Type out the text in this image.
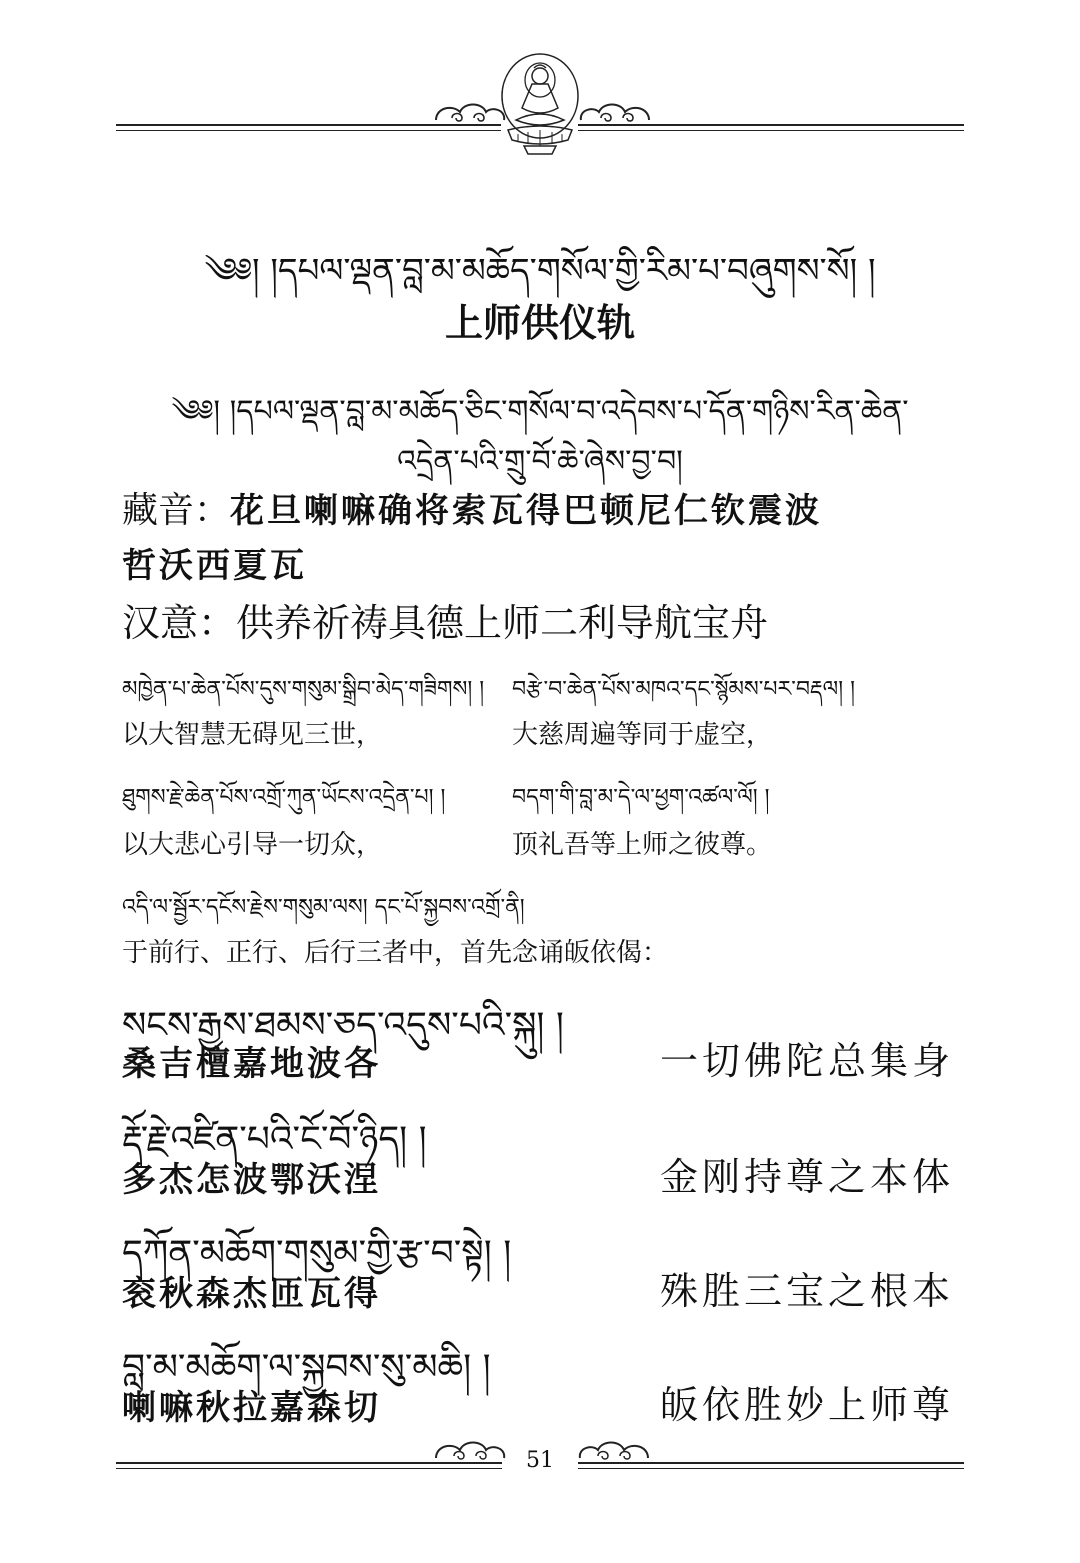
༄༅། །དཔལ་ལྡན་བླ་མ་མཆོད་གསོལ་གྱི་རིམ་པ་བཞུགས་སོ། །
上师供仪轨
༄༅། །དཔལ་ལྡན་བླ་མ་མཆོད་ཅིང་གསོལ་བ་འདེབས་པ་དོན་གཉིས་རིན་ཆེན་
འདྲེན་པའི་གྲུ་བོ་ཆེ་ཞེས་བྱ་བ།
藏音：花旦喇嘛确将索瓦得巴顿尼仁钦震波
哲沃西夏瓦
汉意：供养祈祷具德上师二利导航宝舟
མཁྱེན་པ་ཆེན་པོས་དུས་གསུམ་སྒྲིབ་མེད་གཟིགས། ། བརྩེ་བ་ཆེན་པོས་མཁའ་དང་སྙོམས་པར་བརྡལ། །
以大智慧无碍见三世，	大慈周遍等同于虚空，
ཐུགས་རྗེ་ཆེན་པོས་འགྲོ་ཀུན་ཡོངས་འདྲེན་པ། །	བདག་གི་བླ་མ་དེ་ལ་ཕྱག་འཚལ་ལོ། །
以大悲心引导一切众，	顶礼吾等上师之彼尊。
འདི་ལ་སྦྱོར་དངོས་རྗེས་གསུམ་ལས། དང་པོ་སྐྱབས་འགྲོ་ནི།
于前行、正行、后行三者中，首先念诵皈依偈：
སངས་རྒྱས་ཐམས་ཅད་འདུས་པའི་སྐུ། །
桑吉檀嘉地波各	一切佛陀总集身
རྡོ་རྗེ་འཛིན་པའི་ངོ་བོ་ཉིད། །
多杰怎波鄂沃涅	金刚持尊之本体
དཀོན་མཆོག་གསུམ་གྱི་རྩ་བ་སྟེ། །
衮秋森杰匝瓦得	殊胜三宝之根本
བླ་མ་མཆོག་ལ་སྐྱབས་སུ་མཆི། །
喇嘛秋拉嘉森切	皈依胜妙上师尊
51
